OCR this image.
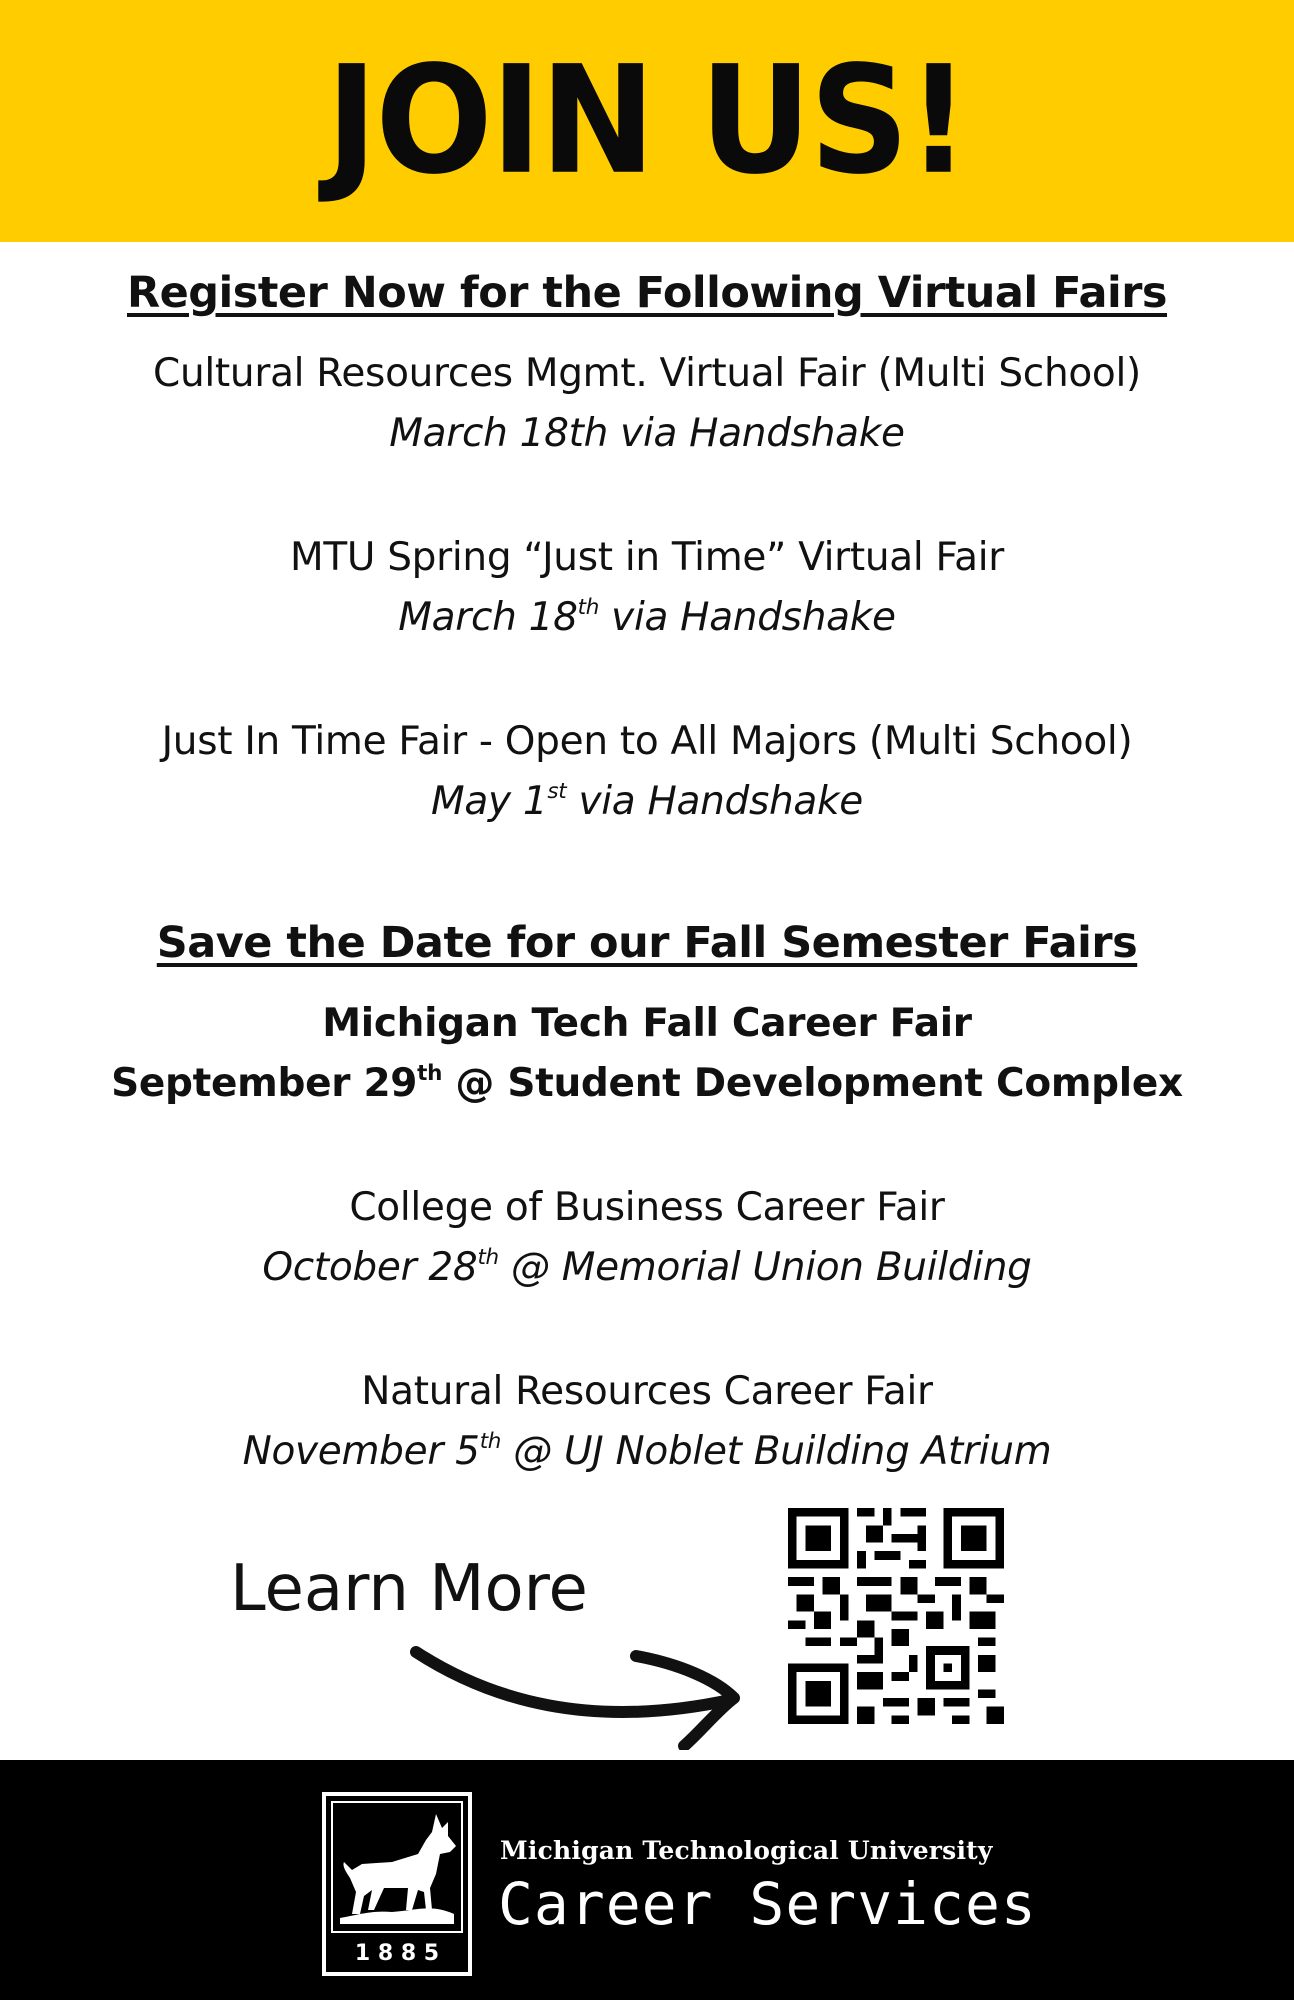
JOIN US!
Register Now for the Following Virtual Fairs
Cultural Resources Mgmt. Virtual Fair (Multi School)
March 18th via Handshake
MTU Spring “Just in Time” Virtual Fair
March 18th via Handshake
Just In Time Fair - Open to All Majors (Multi School)
May 1st via Handshake
Save the Date for our Fall Semester Fairs
Michigan Tech Fall Career Fair
September 29th @ Student Development Complex
College of Business Career Fair
October 28th @ Memorial Union Building
Natural Resources Career Fair
November 5th @ UJ Noblet Building Atrium
Learn More
1 8 8 5
Michigan Technological University
Career Services
